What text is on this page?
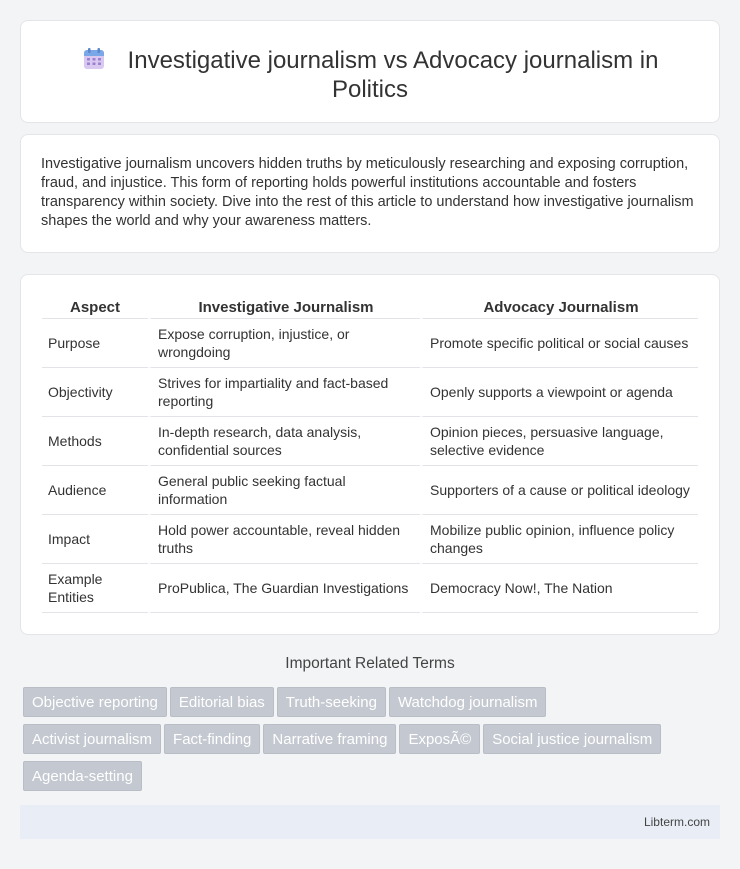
Investigative journalism vs Advocacy journalism in Politics

Investigative journalism uncovers hidden truths by meticulously researching and exposing corruption, fraud, and injustice. This form of reporting holds powerful institutions accountable and fosters transparency within society. Dive into the rest of this article to understand how investigative journalism shapes the world and why your awareness matters.

Aspect	Investigative Journalism	Advocacy Journalism
Purpose	Expose corruption, injustice, or wrongdoing	Promote specific political or social causes
Objectivity	Strives for impartiality and fact-based reporting	Openly supports a viewpoint or agenda
Methods	In-depth research, data analysis, confidential sources	Opinion pieces, persuasive language, selective evidence
Audience	General public seeking factual information	Supporters of a cause or political ideology
Impact	Hold power accountable, reveal hidden truths	Mobilize public opinion, influence policy changes
Example Entities	ProPublica, The Guardian Investigations	Democracy Now!, The Nation
Important Related Terms
Objective reporting Editorial bias Truth-seeking Watchdog journalism
Activist journalism Fact-finding Narrative framing ExposÃ© Social justice journalism
Agenda-setting
Libterm.com
